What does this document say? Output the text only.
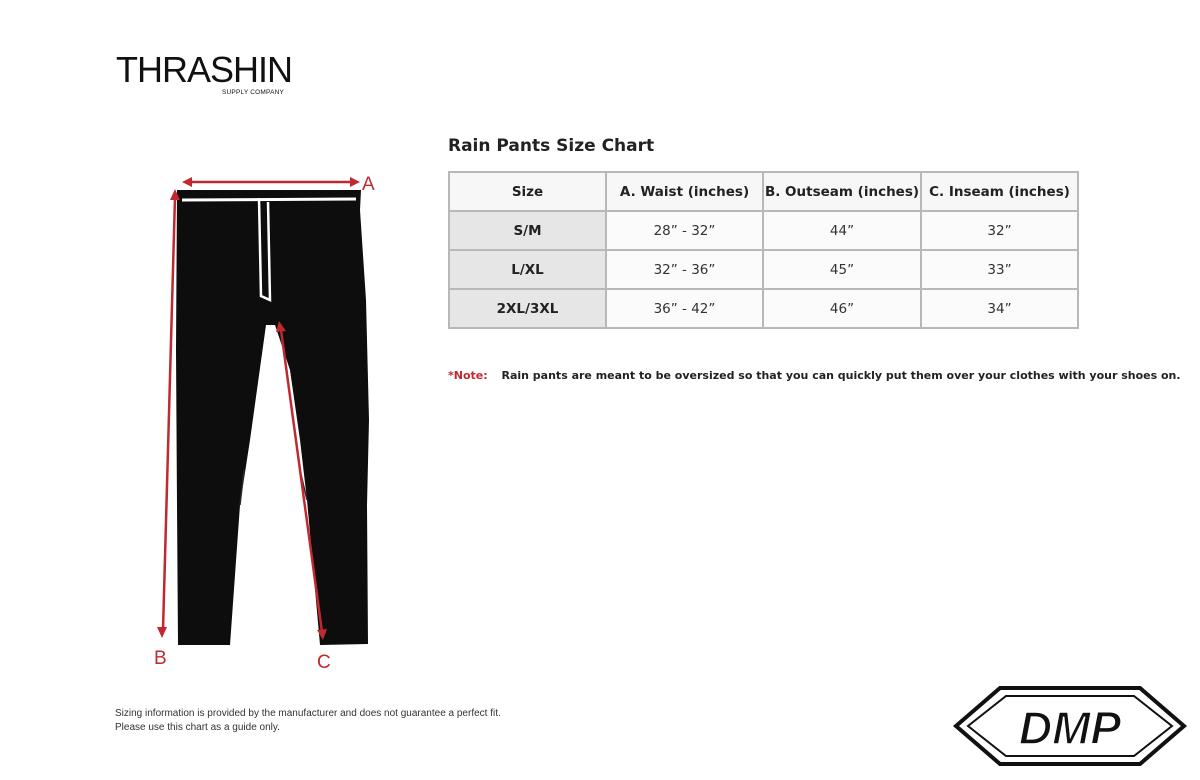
THRASHIN
SUPPLY COMPANY
A
B	C
Rain Pants Size Chart
Size	A. Waist (inches)	B. Outseam (inches)	C. Inseam (inches)
S/M	28” - 32”	44”	32”
L/XL	32” - 36”	45”	33”
2XL/3XL	36” - 42”	46”	34”
*Note: Rain pants are meant to be oversized so that you can quickly put them over your clothes with your shoes on.
Sizing information is provided by the manufacturer and does not guarantee a perfect fit.
Please use this chart as a guide only.	DMP
